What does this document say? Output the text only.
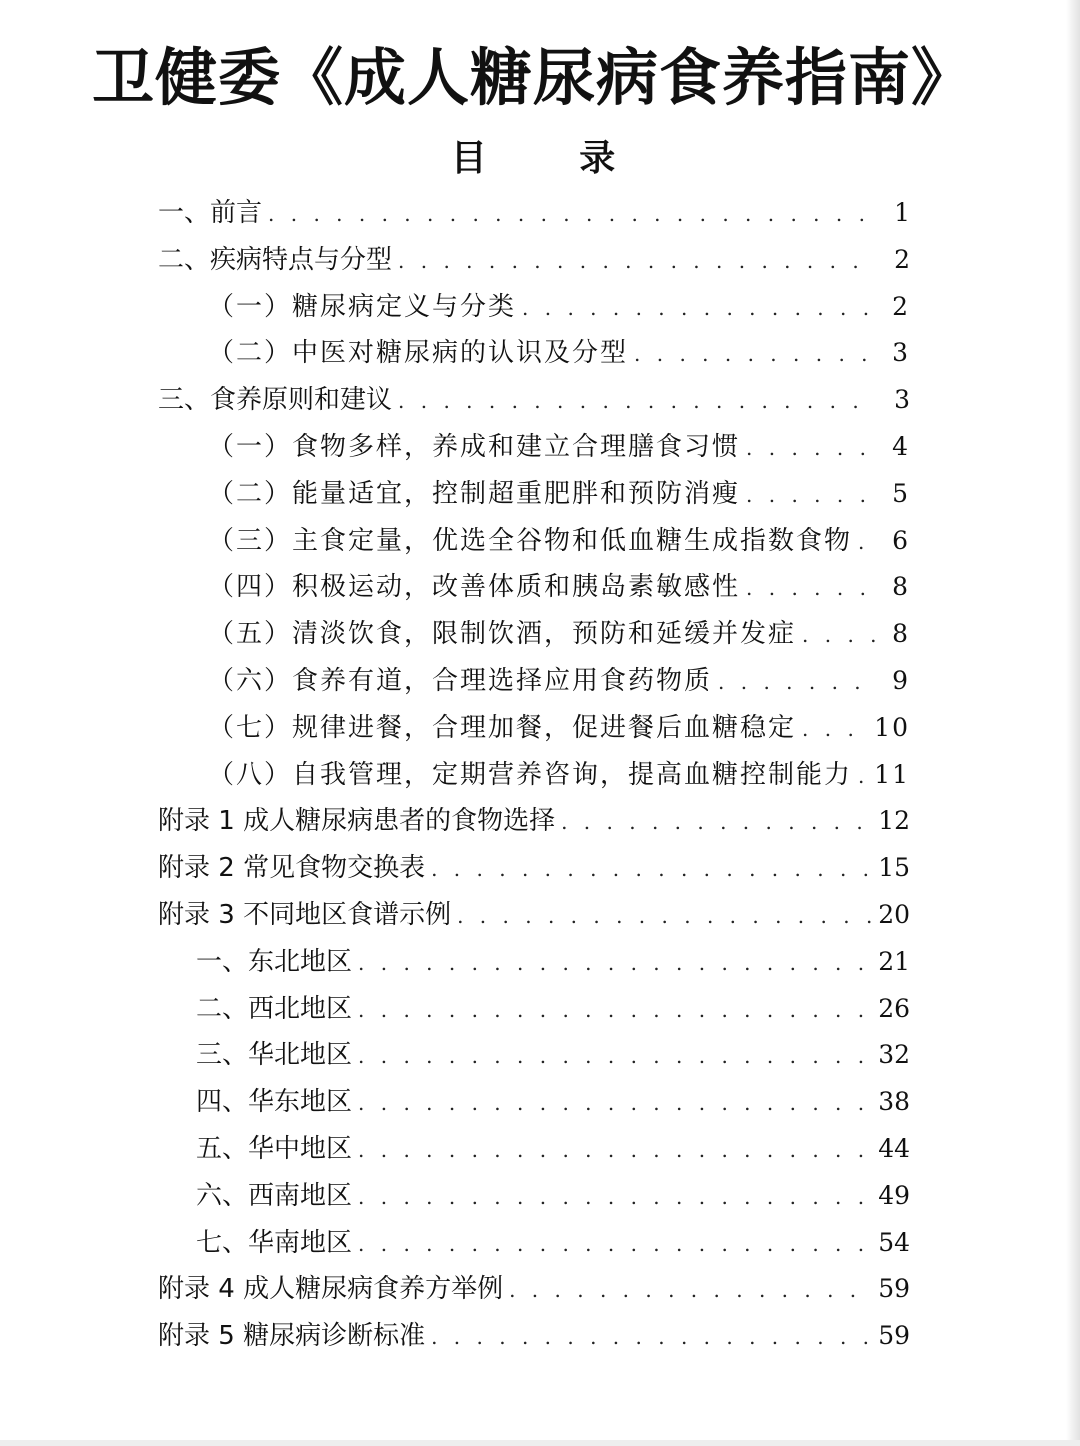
卫健委《成人糖尿病食养指南》
目 录
一、前言 . . .	1
二、疾病特点与分型 . . .	2
（一）糖尿病定义与分类 . . .	2
（二）中医对糖尿病的认识及分型 . . .	3
三、食养原则和建议 . . .	3
（一）食物多样，养成和建立合理膳食习惯 . . .	4
（二）能量适宜，控制超重肥胖和预防消瘦 . . .	5
（三）主食定量，优选全谷物和低血糖生成指数食物 . . .	6
（四）积极运动，改善体质和胰岛素敏感性 . . .	8
（五）清淡饮食，限制饮酒，预防和延缓并发症 . . .	8
（六）食养有道，合理选择应用食药物质 . . .	9
（七）规律进餐，合理加餐，促进餐后血糖稳定 . . .	10
（八）自我管理，定期营养咨询，提高血糖控制能力 . . . 11
附录 1 成人糖尿病患者的食物选择 . . .	12
附录 2 常见食物交换表 . . .	15
附录 3 不同地区食谱示例 . . .	20
一、东北地区 . . .	21
二、西北地区 . . .	26
三、华北地区 . . .	32
四、华东地区 . . .	38
五、华中地区 . . .	44
六、西南地区 . . .	49
七、华南地区 . . .	54
附录 4 成人糖尿病食养方举例 . . .	59
附录 5 糖尿病诊断标准 . . .	59
